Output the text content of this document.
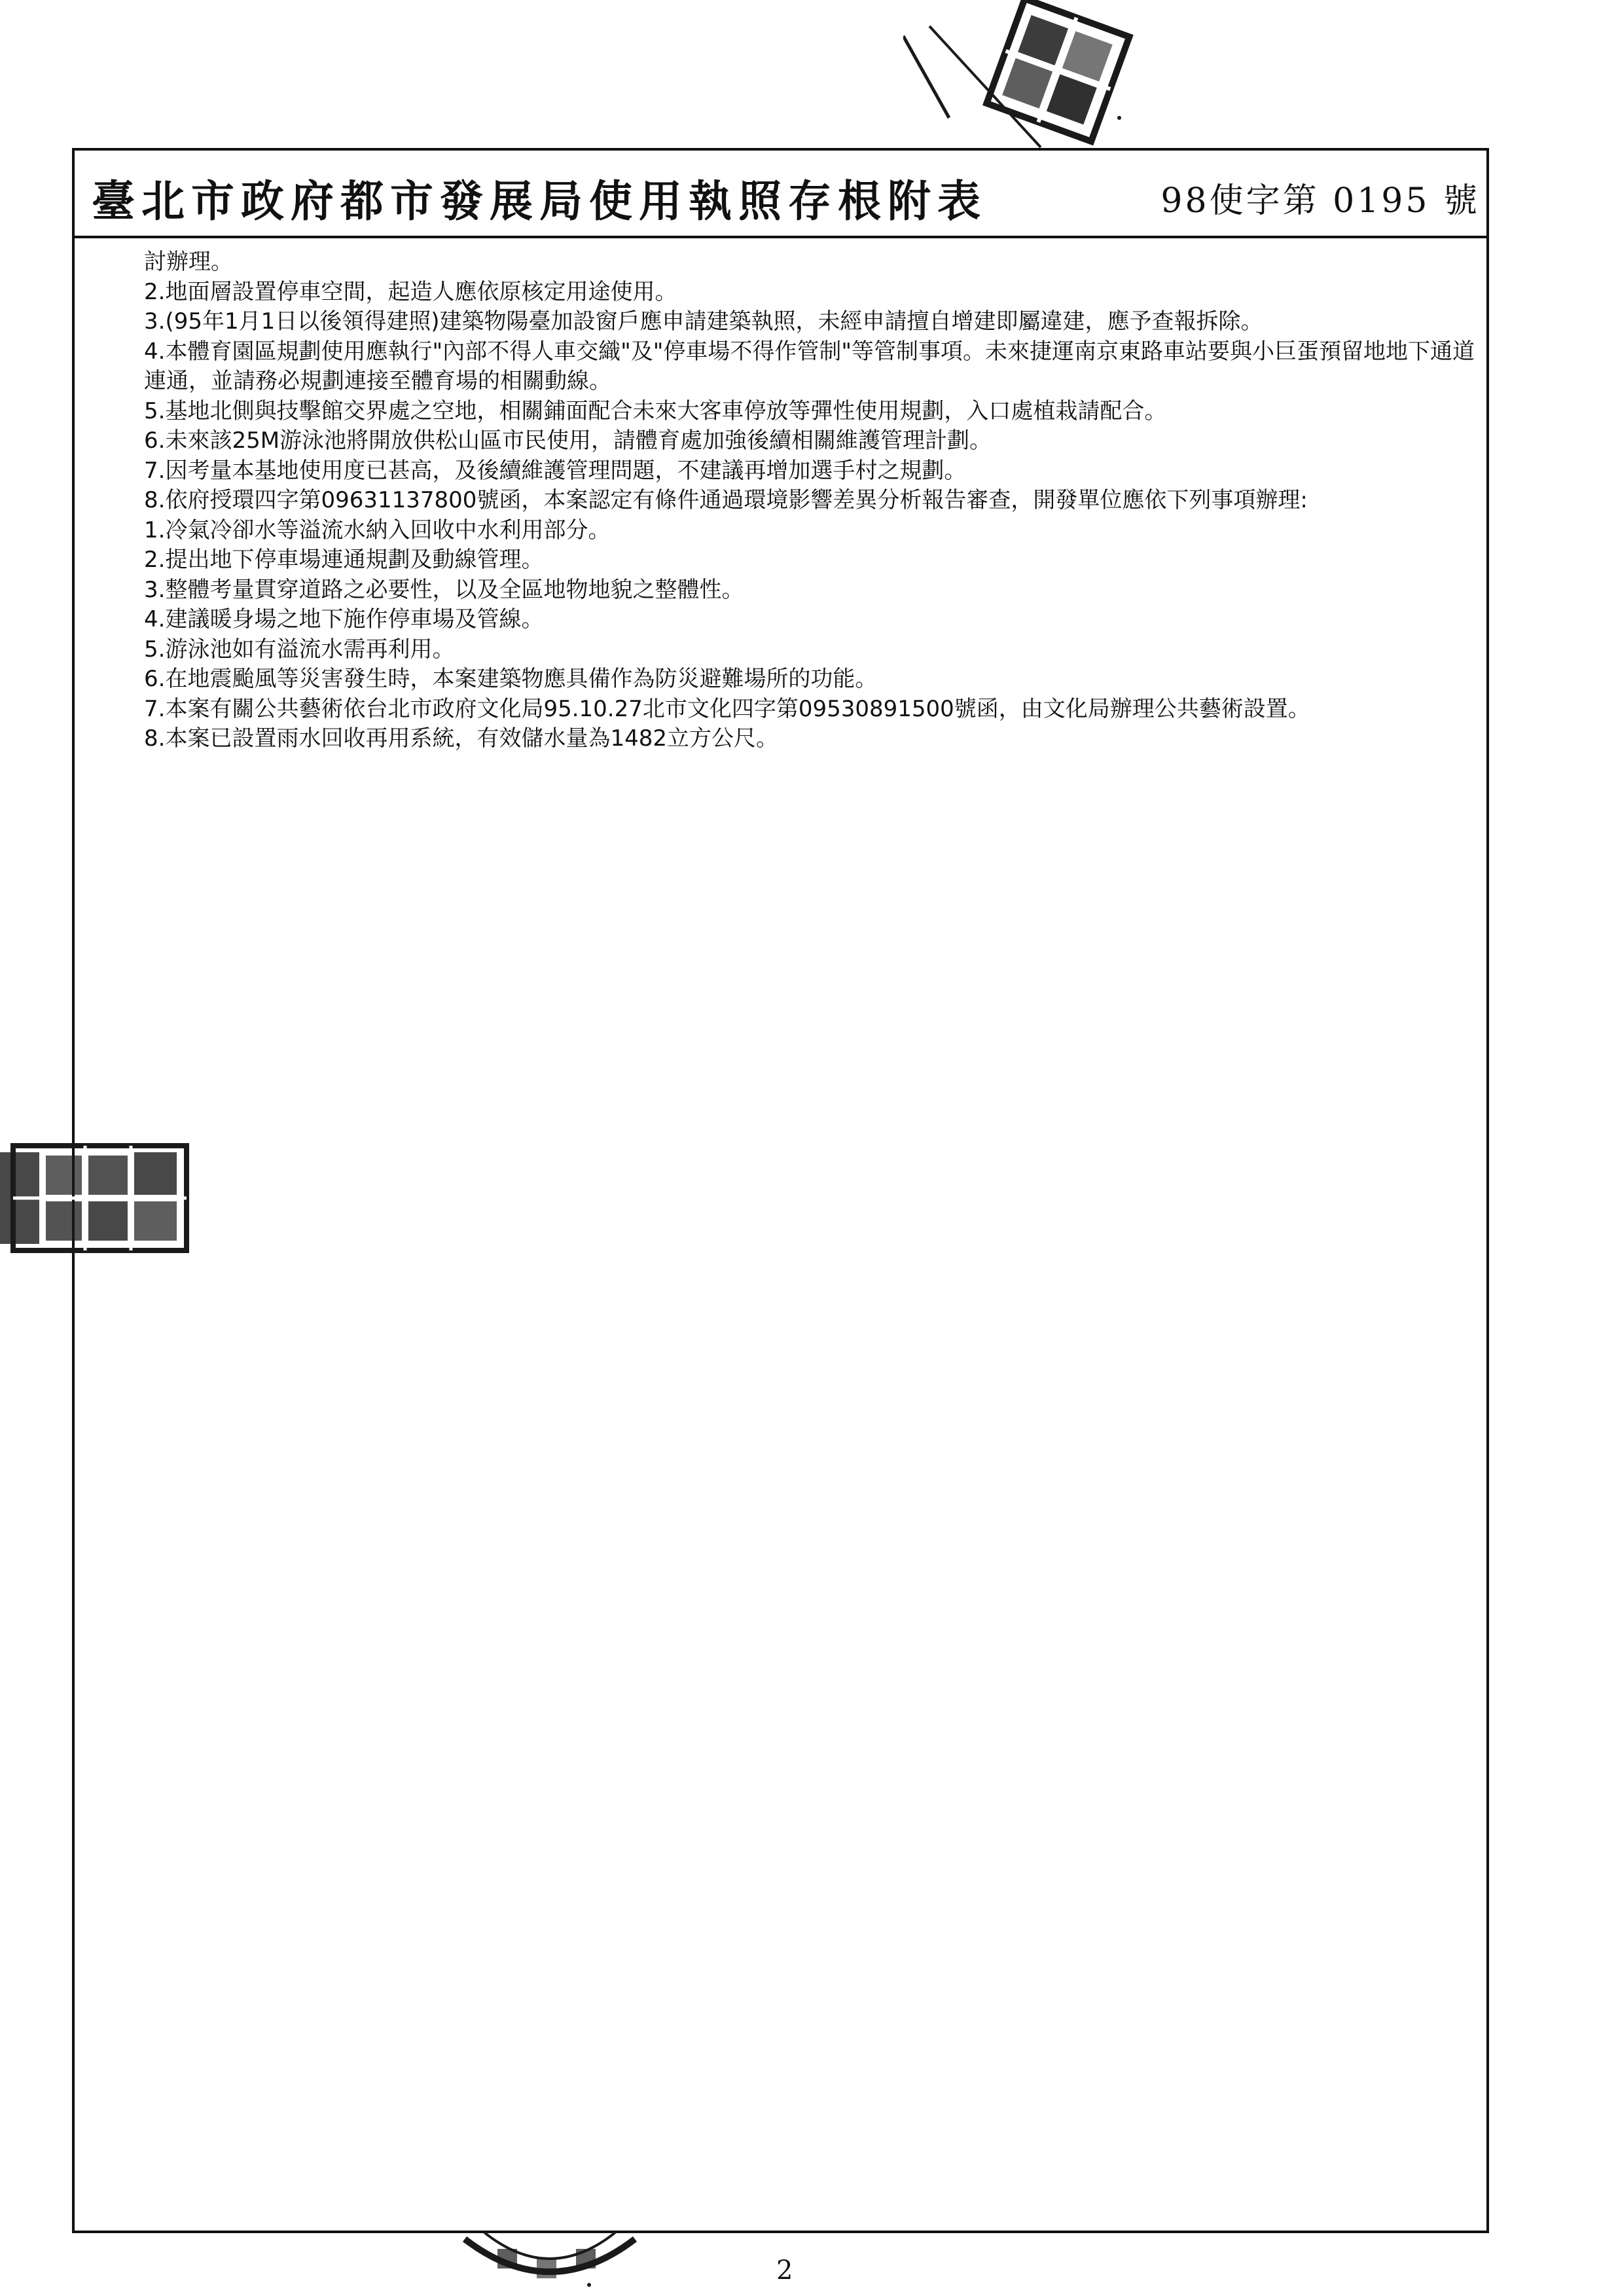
臺北市政府都市發展局使用執照存根附表	98使字第 0195 號
討辦理。
2.地面層設置停車空間，起造人應依原核定用途使用。
3.(95年1月1日以後領得建照)建築物陽臺加設窗戶應申請建築執照，未經申請擅自增建即屬違建，應予查報拆除。
4.本體育園區規劃使用應執行"內部不得人車交織"及"停車場不得作管制"等管制事項。未來捷運南京東路車站要與小巨蛋預留地地下通道連通，並請務必規劃連接至體育場的相關動線。
5.基地北側與技擊館交界處之空地，相關鋪面配合未來大客車停放等彈性使用規劃，入口處植栽請配合。
6.未來該25M游泳池將開放供松山區市民使用，請體育處加強後續相關維護管理計劃。
7.因考量本基地使用度已甚高，及後續維護管理問題，不建議再增加選手村之規劃。
8.依府授環四字第09631137800號函，本案認定有條件通過環境影響差異分析報告審查，開發單位應依下列事項辦理:
1.冷氣冷卻水等溢流水納入回收中水利用部分。
2.提出地下停車場連通規劃及動線管理。
3.整體考量貫穿道路之必要性，以及全區地物地貌之整體性。
4.建議暖身場之地下施作停車場及管線。
5.游泳池如有溢流水需再利用。
6.在地震颱風等災害發生時，本案建築物應具備作為防災避難場所的功能。
7.本案有關公共藝術依台北市政府文化局95.10.27北市文化四字第09530891500號函，由文化局辦理公共藝術設置。
8.本案已設置雨水回收再用系統，有效儲水量為1482立方公尺。
2
